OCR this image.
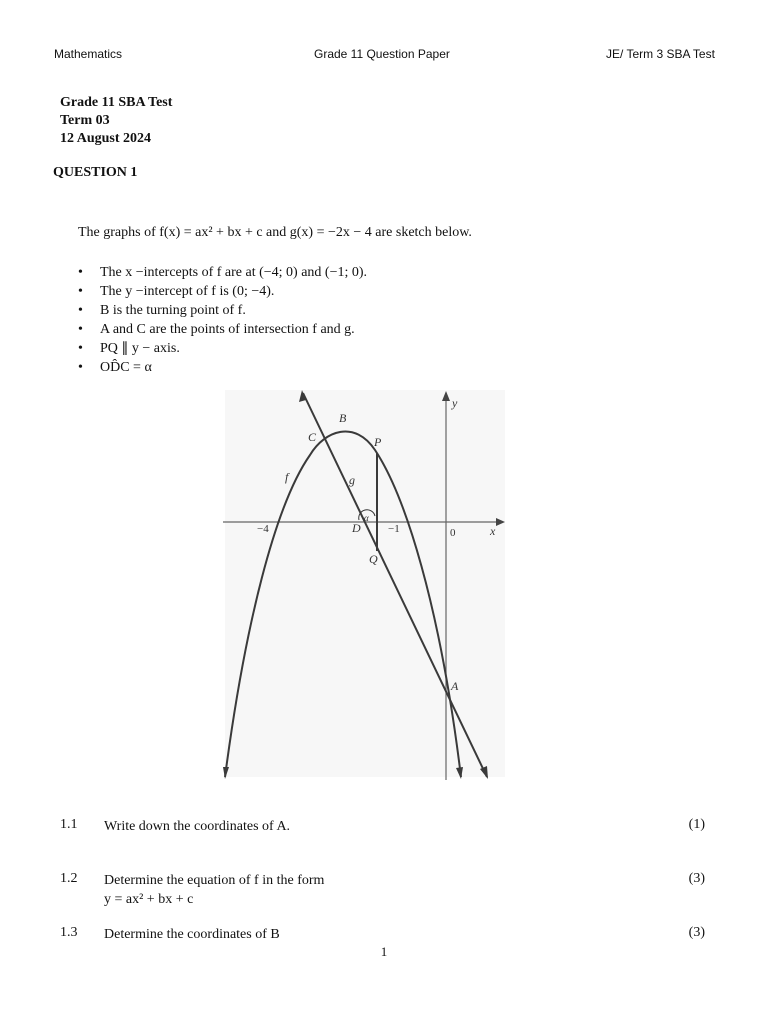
Mathematics	Grade 11 Question Paper	JE/ Term 3 SBA Test
Grade 11 SBA Test
Term 03
12 August 2024
QUESTION 1
The graphs of f(x) = ax² + bx + c and g(x) = −2x − 4 are sketch below.
• The x −intercepts of f are at (−4; 0) and (−1; 0).
• The y −intercept of f is (0; −4).
• B is the turning point of f.
• A and C are the points of intersection f and g.
• PQ ∥ y − axis.
• OD̂C = α
B
C	P
f	g
D
α
Q
A
y
x
−4	−1	0
1.1 Write down the coordinates of A.	(1)
1.2 Determine the equation of f in the form
y = ax² + bx + c
(3)
1.3 Determine the coordinates of B	(3)
1
